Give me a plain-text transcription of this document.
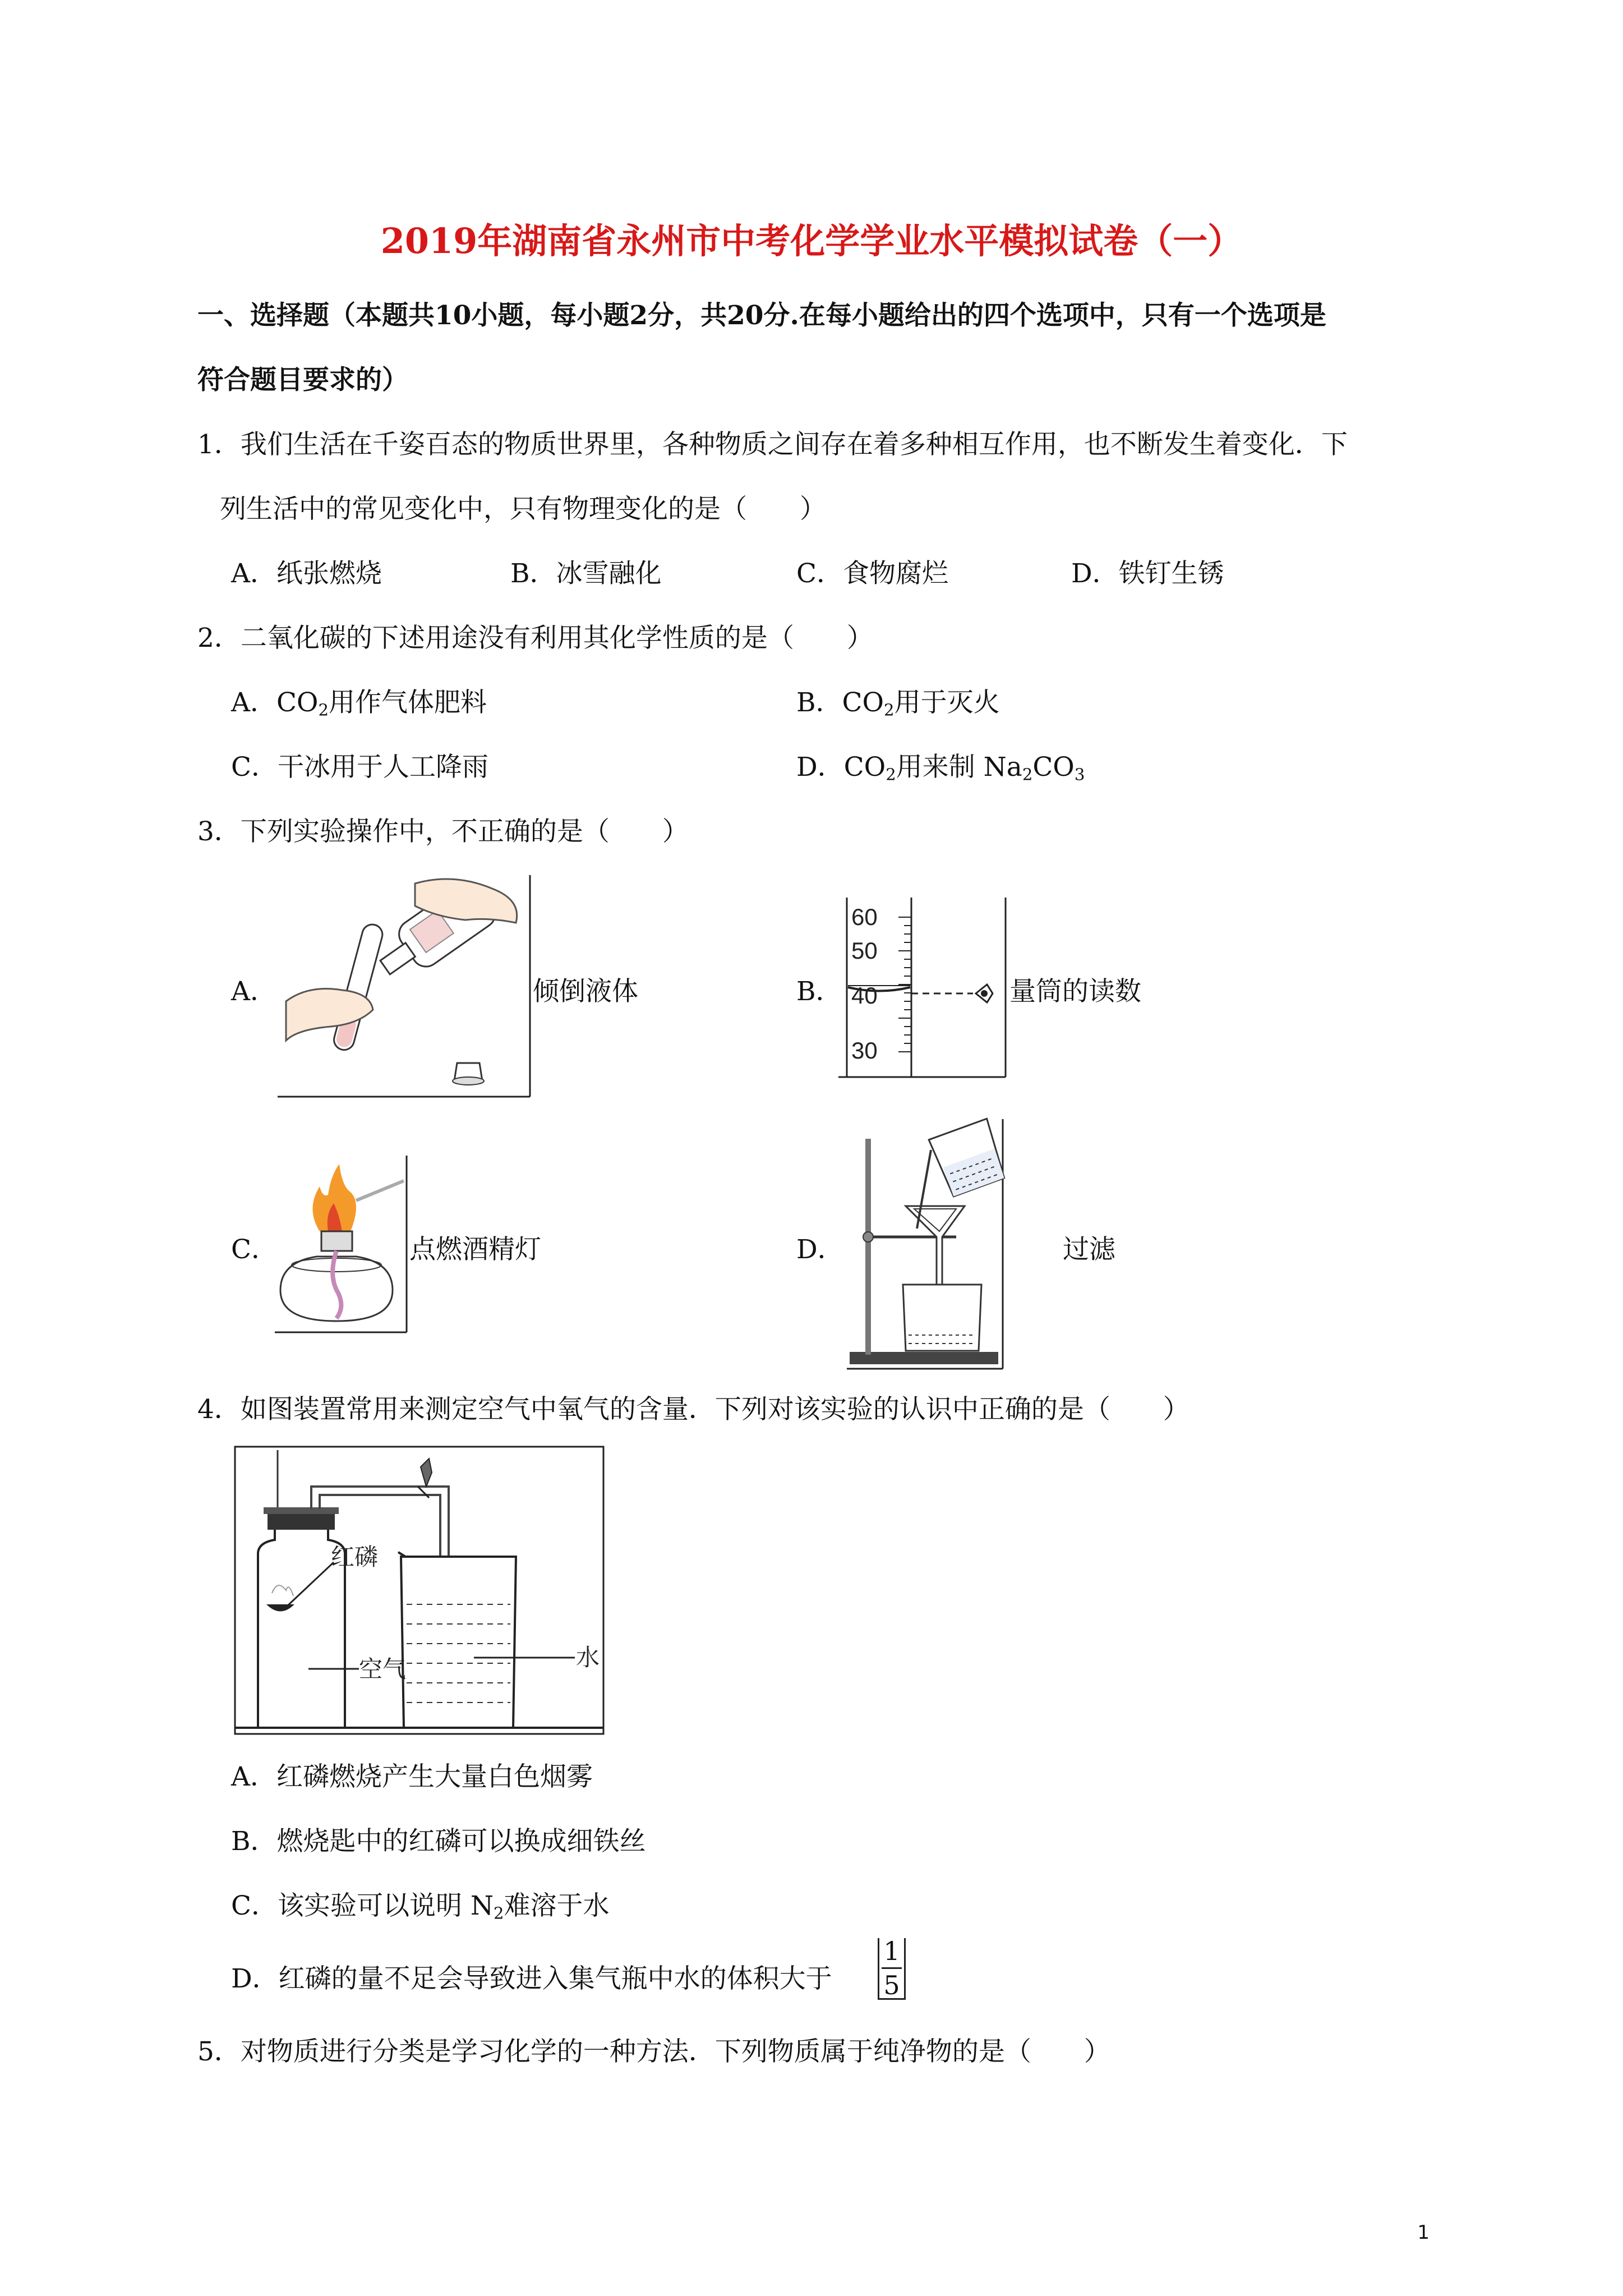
2019年湖南省永州市中考化学学业水平模拟试卷（一）
一、选择题（本题共10小题，每小题2分，共20分.在每小题给出的四个选项中，只有一个选项是
符合题目要求的）
1．我们生活在千姿百态的物质世界里，各种物质之间存在着多种相互作用，也不断发生着变化．下
列生活中的常见变化中，只有物理变化的是（　　）
A．纸张燃烧	B．冰雪融化	C．食物腐烂	D．铁钉生锈
2．二氧化碳的下述用途没有利用其化学性质的是（　　）
A．$CO_2$用作气体肥料	B．$CO_2$用于灭火
C．干冰用于人工降雨	D．$CO_2$用来制 $Na_2CO_3$
3．下列实验操作中，不正确的是（　　）
A．	倾倒液体	B．
60
50
40
30
量筒的读数
C．	点燃酒精灯	D．	过滤
4．如图装置常用来测定空气中氧气的含量．下列对该实验的认识中正确的是（　　）
红磷
空气	水
A．红磷燃烧产生大量白色烟雾
B．燃烧匙中的红磷可以换成细铁丝
C．该实验可以说明 $N_2$难溶于水
D．红磷的量不足会导致进入集气瓶中水的体积大于
1
5
5．对物质进行分类是学习化学的一种方法．下列物质属于纯净物的是（　　）
1
